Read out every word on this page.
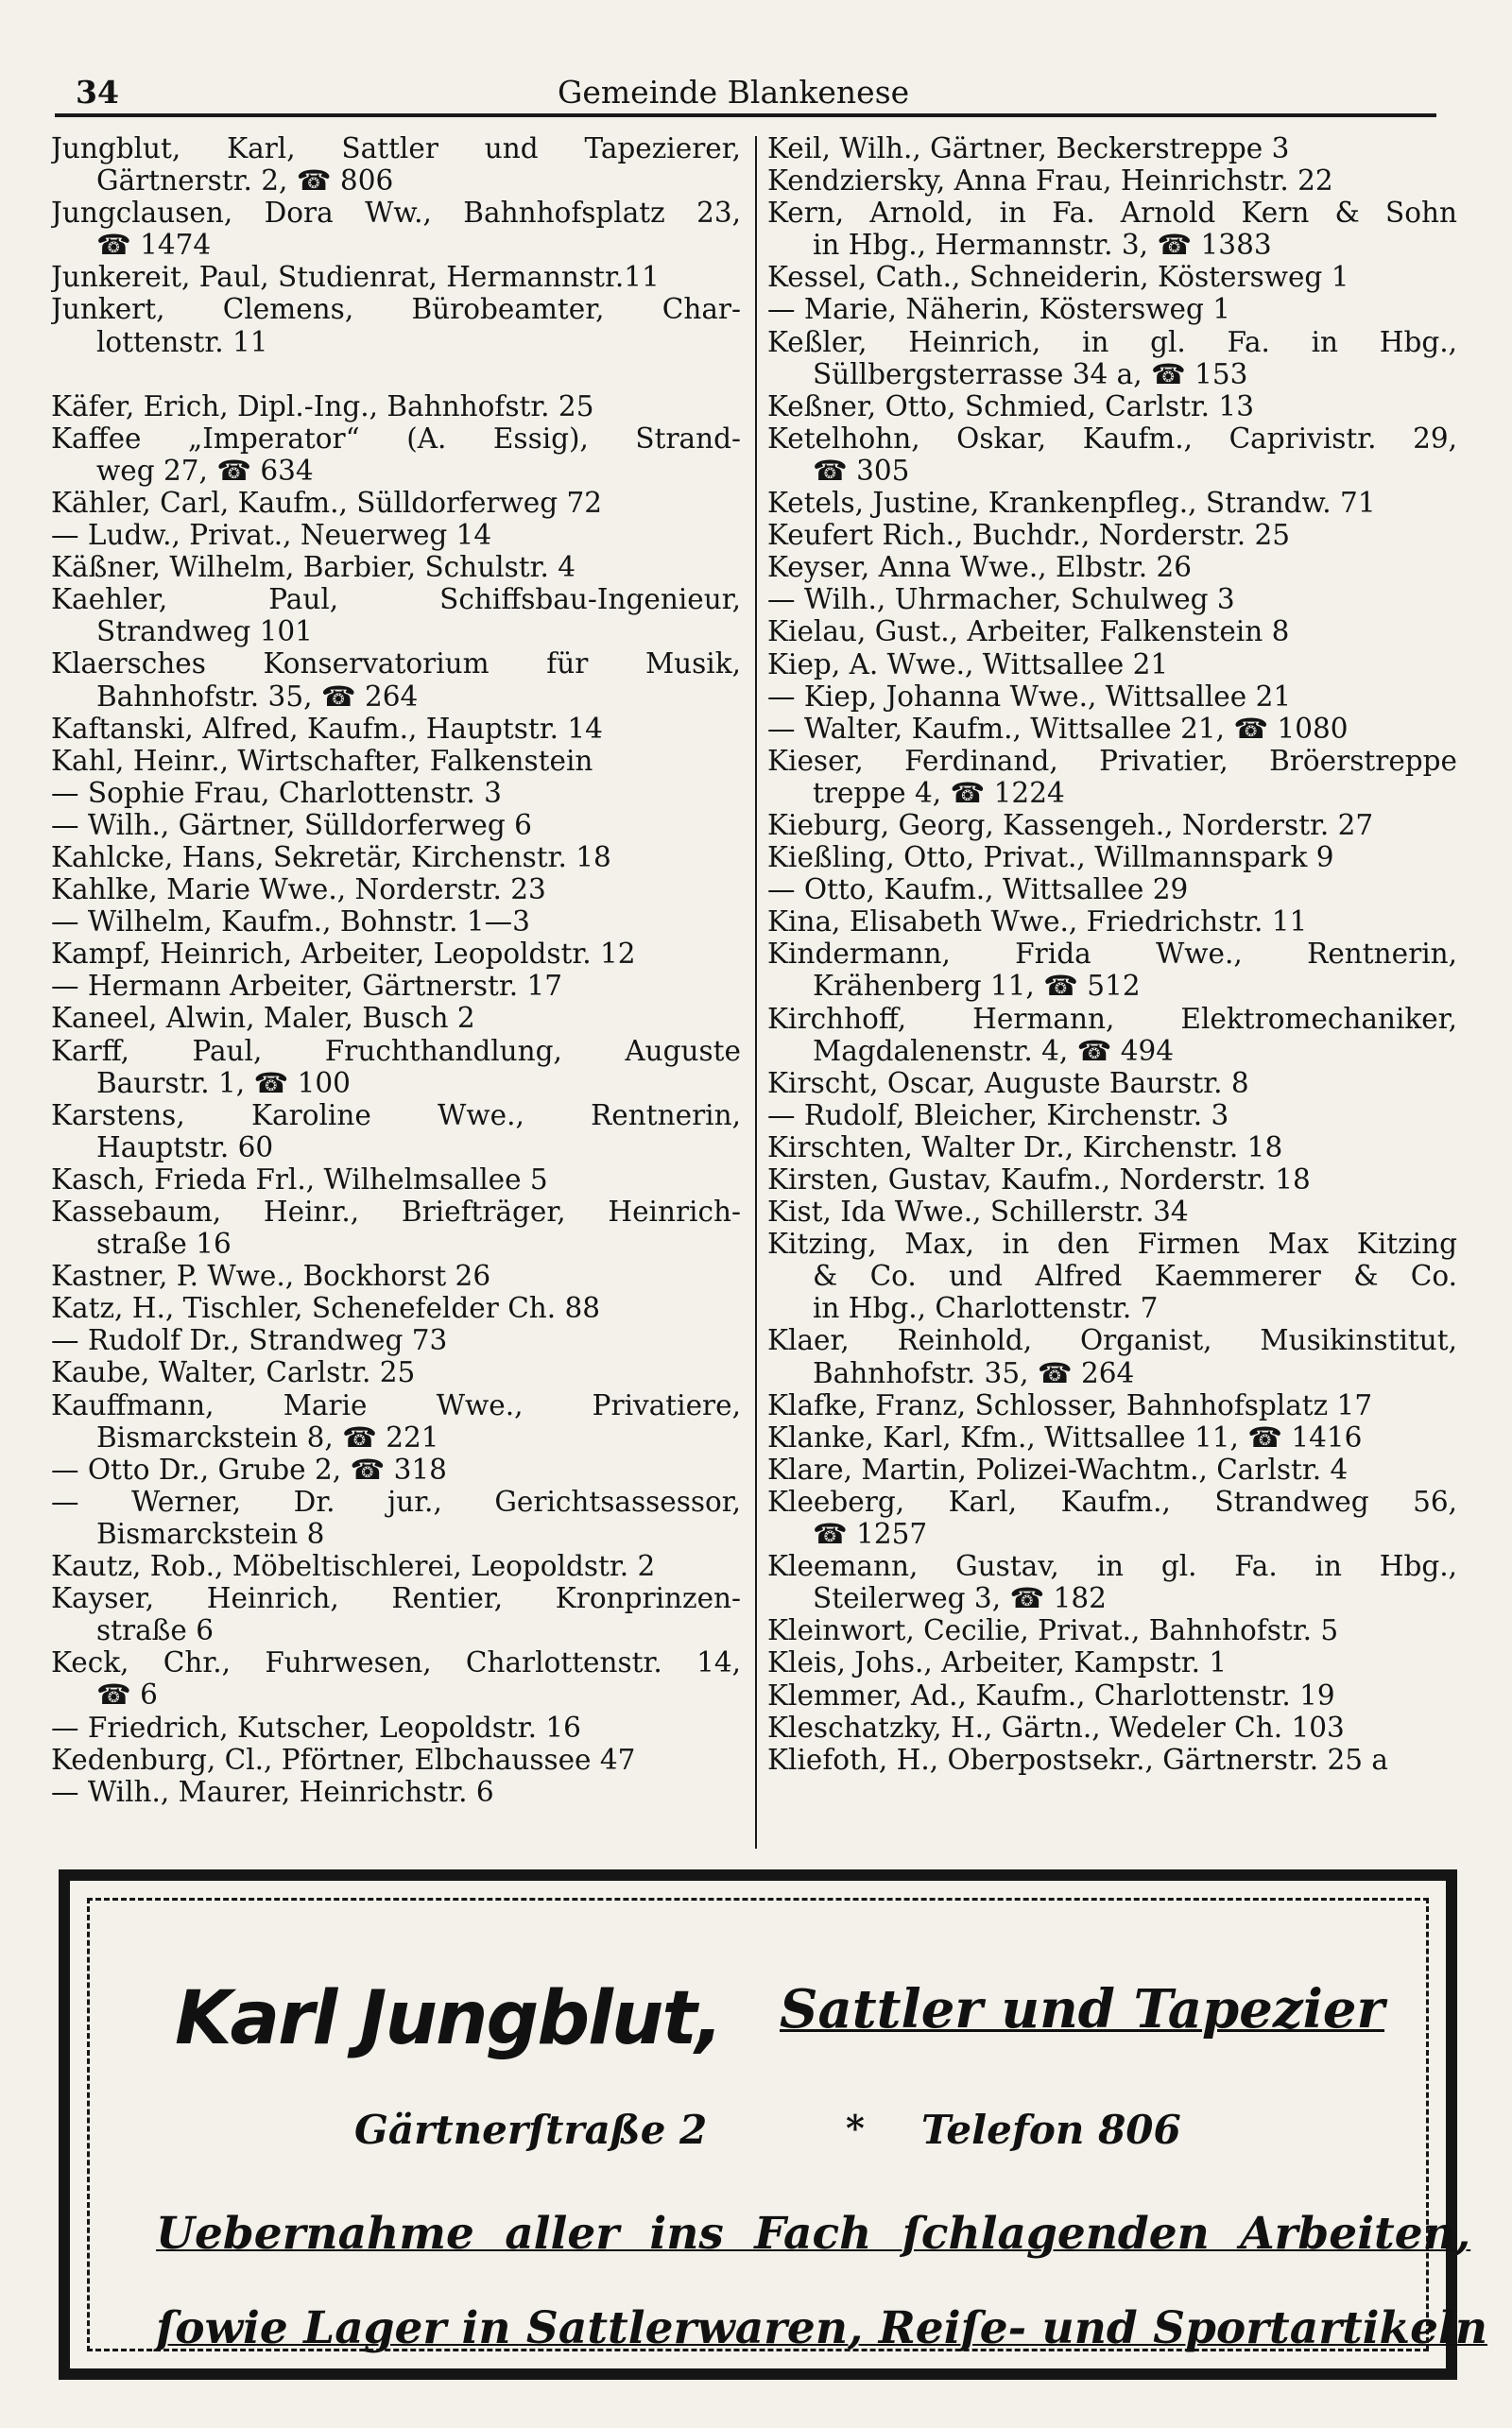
34	Gemeinde Blankenese
Jungblut, Karl, Sattler und Tapezierer,
Gärtnerstr. 2, ☎ 806
Jungclausen, Dora Ww., Bahnhofsplatz 23,
☎ 1474
Junkereit, Paul, Studienrat, Hermannstr.11
Junkert, Clemens, Bürobeamter, Char-
lottenstr. 11
Käfer, Erich, Dipl.-Ing., Bahnhofstr. 25
Kaffee „Imperator“ (A. Essig), Strand-
weg 27, ☎ 634
Kähler, Carl, Kaufm., Sülldorferweg 72
— Ludw., Privat., Neuerweg 14
Käßner, Wilhelm, Barbier, Schulstr. 4
Kaehler, Paul, Schiffsbau-Ingenieur,
Strandweg 101
Klaersches Konservatorium für Musik,
Bahnhofstr. 35, ☎ 264
Kaftanski, Alfred, Kaufm., Hauptstr. 14
Kahl, Heinr., Wirtschafter, Falkenstein
— Sophie Frau, Charlottenstr. 3
— Wilh., Gärtner, Sülldorferweg 6
Kahlcke, Hans, Sekretär, Kirchenstr. 18
Kahlke, Marie Wwe., Norderstr. 23
— Wilhelm, Kaufm., Bohnstr. 1—3
Kampf, Heinrich, Arbeiter, Leopoldstr. 12
— Hermann Arbeiter, Gärtnerstr. 17
Kaneel, Alwin, Maler, Busch 2
Karff, Paul, Fruchthandlung, Auguste
Baurstr. 1, ☎ 100
Karstens, Karoline Wwe., Rentnerin,
Hauptstr. 60
Kasch, Frieda Frl., Wilhelmsallee 5
Kassebaum, Heinr., Briefträger, Heinrich-
straße 16
Kastner, P. Wwe., Bockhorst 26
Katz, H., Tischler, Schenefelder Ch. 88
— Rudolf Dr., Strandweg 73
Kaube, Walter, Carlstr. 25
Kauffmann, Marie Wwe., Privatiere,
Bismarckstein 8, ☎ 221
— Otto Dr., Grube 2, ☎ 318
— Werner, Dr. jur., Gerichtsassessor,
Bismarckstein 8
Kautz, Rob., Möbeltischlerei, Leopoldstr. 2
Kayser, Heinrich, Rentier, Kronprinzen-
straße 6
Keck, Chr., Fuhrwesen, Charlottenstr. 14,
☎ 6
— Friedrich, Kutscher, Leopoldstr. 16
Kedenburg, Cl., Pförtner, Elbchaussee 47
— Wilh., Maurer, Heinrichstr. 6
Keil, Wilh., Gärtner, Beckerstreppe 3
Kendziersky, Anna Frau, Heinrichstr. 22
Kern, Arnold, in Fa. Arnold Kern & Sohn
in Hbg., Hermannstr. 3, ☎ 1383
Kessel, Cath., Schneiderin, Köstersweg 1
— Marie, Näherin, Köstersweg 1
Keßler, Heinrich, in gl. Fa. in Hbg.,
Süllbergsterrasse 34 a, ☎ 153
Keßner, Otto, Schmied, Carlstr. 13
Ketelhohn, Oskar, Kaufm., Caprivistr. 29,
☎ 305
Ketels, Justine, Krankenpfleg., Strandw. 71
Keufert Rich., Buchdr., Norderstr. 25
Keyser, Anna Wwe., Elbstr. 26
— Wilh., Uhrmacher, Schulweg 3
Kielau, Gust., Arbeiter, Falkenstein 8
Kiep, A. Wwe., Wittsallee 21
— Kiep, Johanna Wwe., Wittsallee 21
— Walter, Kaufm., Wittsallee 21, ☎ 1080
Kieser, Ferdinand, Privatier, Bröerstreppe
treppe 4, ☎ 1224
Kieburg, Georg, Kassengeh., Norderstr. 27
Kießling, Otto, Privat., Willmannspark 9
— Otto, Kaufm., Wittsallee 29
Kina, Elisabeth Wwe., Friedrichstr. 11
Kindermann, Frida Wwe., Rentnerin,
Krähenberg 11, ☎ 512
Kirchhoff, Hermann, Elektromechaniker,
Magdalenenstr. 4, ☎ 494
Kirscht, Oscar, Auguste Baurstr. 8
— Rudolf, Bleicher, Kirchenstr. 3
Kirschten, Walter Dr., Kirchenstr. 18
Kirsten, Gustav, Kaufm., Norderstr. 18
Kist, Ida Wwe., Schillerstr. 34
Kitzing, Max, in den Firmen Max Kitzing
& Co. und Alfred Kaemmerer & Co.
in Hbg., Charlottenstr. 7
Klaer, Reinhold, Organist, Musikinstitut,
Bahnhofstr. 35, ☎ 264
Klafke, Franz, Schlosser, Bahnhofsplatz 17
Klanke, Karl, Kfm., Wittsallee 11, ☎ 1416
Klare, Martin, Polizei-Wachtm., Carlstr. 4
Kleeberg, Karl, Kaufm., Strandweg 56,
☎ 1257
Kleemann, Gustav, in gl. Fa. in Hbg.,
Steilerweg 3, ☎ 182
Kleinwort, Cecilie, Privat., Bahnhofstr. 5
Kleis, Johs., Arbeiter, Kampstr. 1
Klemmer, Ad., Kaufm., Charlottenstr. 19
Kleschatzky, H., Gärtn., Wedeler Ch. 103
Kliefoth, H., Oberpostsekr., Gärtnerstr. 25 a
Karl Jungblut, Sattler und Tapezier
Gärtnerſtraße 2	* Telefon 806
Uebernahme aller ins Fach ſchlagenden Arbeiten,
ſowie Lager in Sattlerwaren, Reiſe- und Sportartikeln
